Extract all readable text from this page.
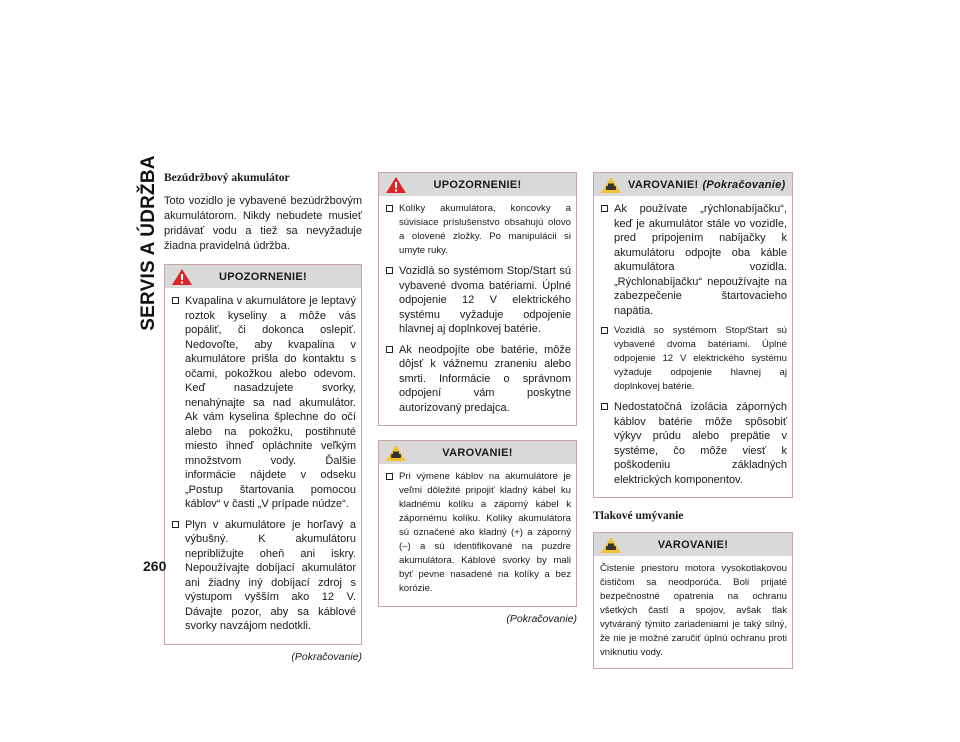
SERVIS A ÚDRŽBA Bezúdržbový akumulátor

Toto vozidlo je vybavené bezúdržbovým akumulátorom. Nikdy nebudete musieť pridávať vodu a tiež sa nevyžaduje žiadna pravidelná údržba.

UPOZORNENIE!
Kvapalina v akumulátore je leptavý roztok kyseliny a môže vás popáliť, či dokonca oslepiť. Nedovoľte, aby kvapalina v akumulátore prišla do kontaktu s očami, pokožkou alebo odevom. Keď nasadzujete svorky, nenahýnajte sa nad akumulátor. Ak vám kyselina šplechne do očí alebo na pokožku, postihnuté miesto ihneď opláchnite veľkým množstvom vody. Ďalšie informácie nájdete v odseku „Postup štartovania pomocou káblov“ v časti „V prípade núdze“.
Plyn v akumulátore je horľavý a výbušný. K akumulátoru nepribližujte oheň ani iskry. Nepoužívajte dobíjací akumulátor ani žiadny iný dobíjací zdroj s výstupom vyšším ako 12 V. Dávajte pozor, aby sa káblové svorky navzájom nedotkli.
(Pokračovanie)
UPOZORNENIE!
Kolíky akumulátora, koncovky a súvisiace príslušenstvo obsahujú olovo a olovené zložky. Po manipulácii si umyte ruky.
Vozidlá so systémom Stop/Start sú vybavené dvoma batériami. Úplné odpojenie 12 V elektrického systému vyžaduje odpojenie hlavnej aj doplnkovej batérie.
Ak neodpojíte obe batérie, môže dôjsť k vážnemu zraneniu alebo smrti. Informácie o správnom odpojení vám poskytne autorizovaný predajca.
VAROVANIE!
Pri výmene káblov na akumulátore je veľmi dôležité pripojiť kladný kábel ku kladnému kolíku a záporný kábel k zápornému kolíku. Kolíky akumulátora sú označené ako kladný (+) a záporný (–) a sú identifikované na puzdre akumulátora. Káblové svorky by mali byť pevne nasadené na kolíky a bez korózie.
(Pokračovanie)
VAROVANIE! (Pokračovanie)
Ak používate „rýchlonabíjačku“, keď je akumulátor stále vo vozidle, pred pripojením nabíjačky k akumulátoru odpojte oba káble akumulátora vozidla. „Rýchlonabíjačku“ nepoužívajte na zabezpečenie štartovacieho napätia.
Vozidlá so systémom Stop/Start sú vybavené dvoma batériami. Úplné odpojenie 12 V elektrického systému vyžaduje odpojenie hlavnej aj doplnkovej batérie.
Nedostatočná izolácia záporných káblov batérie môže spôsobiť výkyv prúdu alebo prepätie v systéme, čo môže viesť k poškodeniu základných elektrických komponentov.
Tlakové umývanie
VAROVANIE!

Čistenie priestoru motora vysokotlakovou čističom sa neodporúča. Boli prijaté bezpečnostné opatrenia na ochranu všetkých častí a spojov, avšak tlak vytváraný týmito zariadeniami je taký silný, že nie je možné zaručiť úplnú ochranu proti vniknutiu vody.

260
